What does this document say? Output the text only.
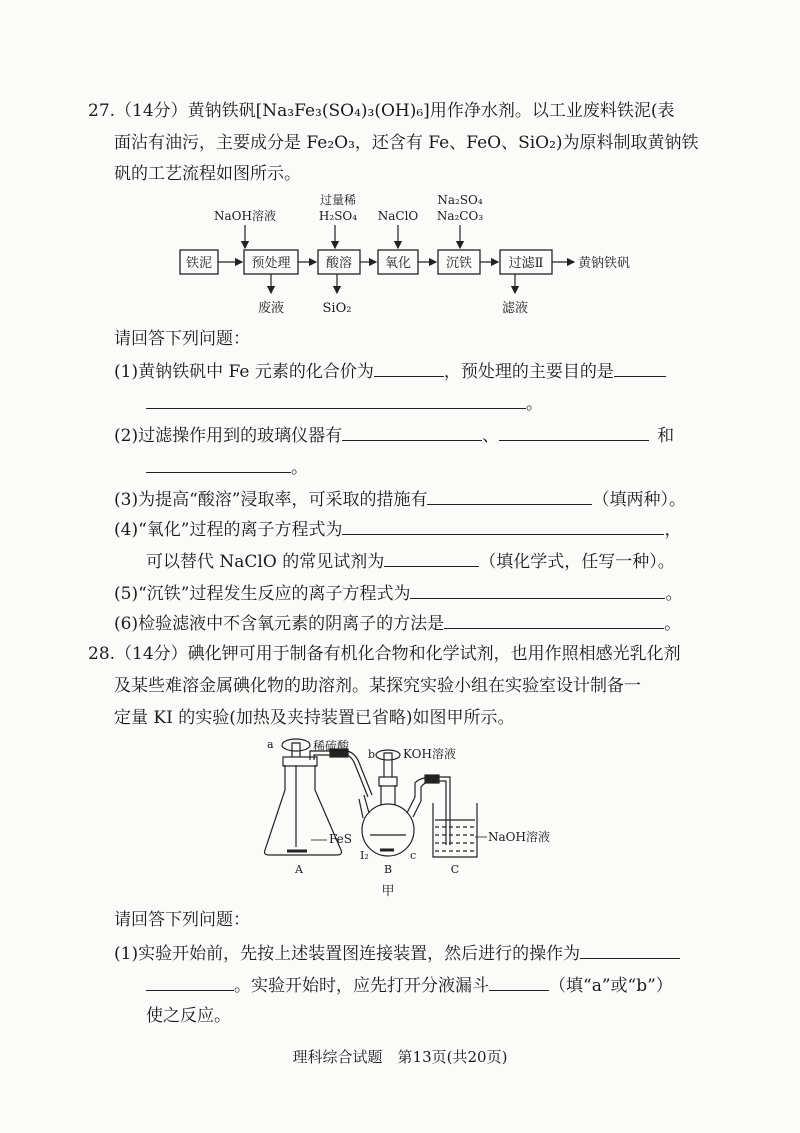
27.（14分）黄钠铁矾[Na₃Fe₃(SO₄)₃(OH)₆]用作净水剂。以工业废料铁泥(表
面沾有油污，主要成分是 Fe₂O₃，还含有 Fe、FeO、SiO₂)为原料制取黄钠铁
矾的工艺流程如图所示。
NaOH溶液
过量稀
H₂SO₄ NaClO
Na₂SO₄
Na₂CO₃
铁泥	预处理	酸溶	氧化	沉铁	过滤Ⅱ	黄钠铁矾
废液	SiO₂	滤液
请回答下列问题：
(1)黄钠铁矾中 Fe 元素的化合价为	，预处理的主要目的是
。
(2)过滤操作用到的玻璃仪器有	、	和
。
(3)为提高“酸溶”浸取率，可采取的措施有	（填两种）。
(4)“氧化”过程的离子方程式为	，
可以替代 NaClO 的常见试剂为	（填化学式，任写一种）。
(5)“沉铁”过程发生反应的离子方程式为	。
(6)检验滤液中不含氧元素的阴离子的方法是	。
28.（14分）碘化钾可用于制备有机化合物和化学试剂，也用作照相感光乳化剂
及某些难溶金属碘化物的助溶剂。某探究实验小组在实验室设计制备一
定量 KI 的实验(加热及夹持装置已省略)如图甲所示。
a	稀硫酸
b KOH溶液
FeS
I₂	c
NaOH溶液
A	B	C
甲
请回答下列问题：
(1)实验开始前，先按上述装置图连接装置，然后进行的操作为
。实验开始时，应先打开分液漏斗	（填“a”或“b”）
使之反应。
理科综合试题　第13页(共20页)
